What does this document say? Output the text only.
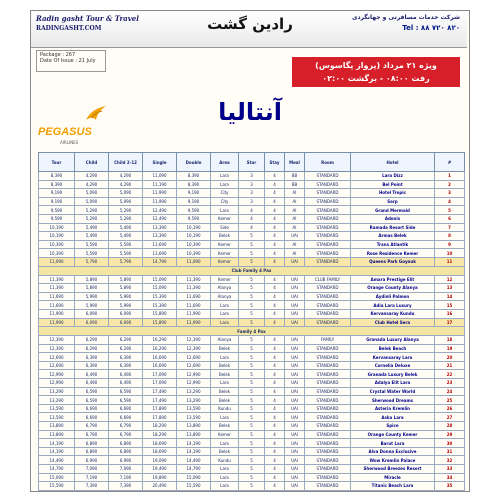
Radin gasht Tour & Travel
RADINGASHT.COM	رادین گشت	شرکت خدمات مسافرتی و جهانگردی
Tel : ۸۸ ۷۲۰ ۸۲۰
Package : 267
Date Of Issue : 21 July	ویژه ۲۱ مرداد (پرواز پگاسوس)
رفت ۰۸:۰۰ - برگشت ۰۲:۰۰
آنتالیا
PEGASUS
AIRLINES
Tour	Child	Child 2-12	Single	Double	Area	Star	Stay	Meal	Room	Hotel	#
8,390	4,290	4,290	11,090	8,390	Lara	3	4	BB	STANDARD	Lara Dizz	1
8,390	4,290	4,290	11,190	8,390	Lara	3	4	BB	STANDARD	Bel Point	2
9,190	5,090	5,090	11,990	9,190	City	3	4	AI	STANDARD	Hotel Tropic	3
9,190	5,090	5,090	11,990	9,190	City	3	4	AI	STANDARD	Sarp	4
9,590	5,290	5,290	12,490	9,590	Lara	4	4	AI	STANDARD	Grand Mermaid	5
9,590	5,290	5,290	12,490	9,590	Kemer	4	4	AI	STANDARD	Adonis	6
10,190	5,490	5,490	13,390	10,190	Side	4	4	AI	STANDARD	Ramada Resort Side	7
10,190	5,490	5,490	13,390	10,190	Belek	5	4	UAI	STANDARD	Armas Belek	8
10,390	5,590	5,590	13,690	10,390	Kemer	5	4	AI	STANDARD	Trans Atlantik	9
10,390	5,590	5,590	13,690	10,390	Kemer	5	4	AI	STANDARD	Rose Residence Kemer	10
11,090	5,790	5,790	14,790	11,090	Kemer	5	4	UAI	STANDARD	Queens Park Goynuk	11
Club Family 4 Pax											
11,390	5,890	5,890	15,090	11,390	Kemer	5	4	UAI	CLUB FAMILY	Amara Prestige Elit	12
11,390	5,890	5,890	15,090	11,390	Alanya	5	4	UAI	STANDARD	Orange County Alanya	13
11,690	5,990	5,990	15,390	11,690	Alanya	5	4	UAI	STANDARD	Aydinli Palmon	14
11,690	5,990	5,990	15,390	11,690	Lara	5	4	UAI	STANDARD	Adia Lara Luxury	15
11,990	6,090	6,090	15,890	11,990	Lara	5	4	UAI	STANDARD	Kervansaray Kundu	16
11,990	6,090	6,090	15,890	11,990	Lara	5	4	UAI	STANDARD	Club Hotel Sera	17
Family 4 Pax											
12,390	6,290	6,290	16,290	12,390	Alanya	5	4	UAI	FAMILY	Granada Luxury Alanya	18
12,390	6,290	6,290	16,290	12,390	Belek	5	4	UAI	STANDARD	Belek Beach	19
12,690	6,390	6,390	16,690	12,690	Lara	5	4	UAI	STANDARD	Kervansaray Lara	20
12,690	6,390	6,390	16,690	12,690	Belek	5	4	UAI	STANDARD	Cornelia Deluxe	21
12,990	6,490	6,490	17,090	12,990	Belek	5	4	UAI	STANDARD	Granada Luxury Belek	22
12,990	6,490	6,490	17,090	12,990	Lara	5	4	UAI	STANDARD	Adalya Elit Lara	23
13,290	6,590	6,590	17,490	13,290	Belek	5	4	UAI	STANDARD	Crystal Water World	24
13,290	6,590	6,590	17,490	13,290	Belek	5	4	UAI	STANDARD	Sherwood Dreams	25
13,590	6,690	6,690	17,890	13,590	Kundu	5	4	UAI	STANDARD	Asteria Kremlin	26
13,590	6,690	6,690	17,890	13,590	Lara	5	4	UAI	STANDARD	Aska Lara	27
13,890	6,790	6,790	18,290	13,890	Belek	5	4	UAI	STANDARD	Spice	28
13,890	6,790	6,790	18,290	13,890	Kemer	5	4	UAI	STANDARD	Orange County Kemer	29
14,190	6,890	6,890	18,690	14,190	Lara	5	4	UAI	STANDARD	Barut Lara	30
14,190	6,890	6,890	18,690	14,190	Belek	5	4	UAI	STANDARD	Alva Donna Exclusive	31
14,490	6,990	6,990	19,090	14,490	Kundu	5	4	UAI	STANDARD	Wow Kremlin Palace	32
14,790	7,090	7,090	19,490	14,790	Lara	5	4	UAI	STANDARD	Sherwood Breezes Resort	33
15,090	7,190	7,190	19,890	15,090	Lara	5	4	UAI	STANDARD	Miracle	34
15,590	7,390	7,390	20,490	15,590	Lara	5	4	UAI	STANDARD	Titanic Beach Lara	35
